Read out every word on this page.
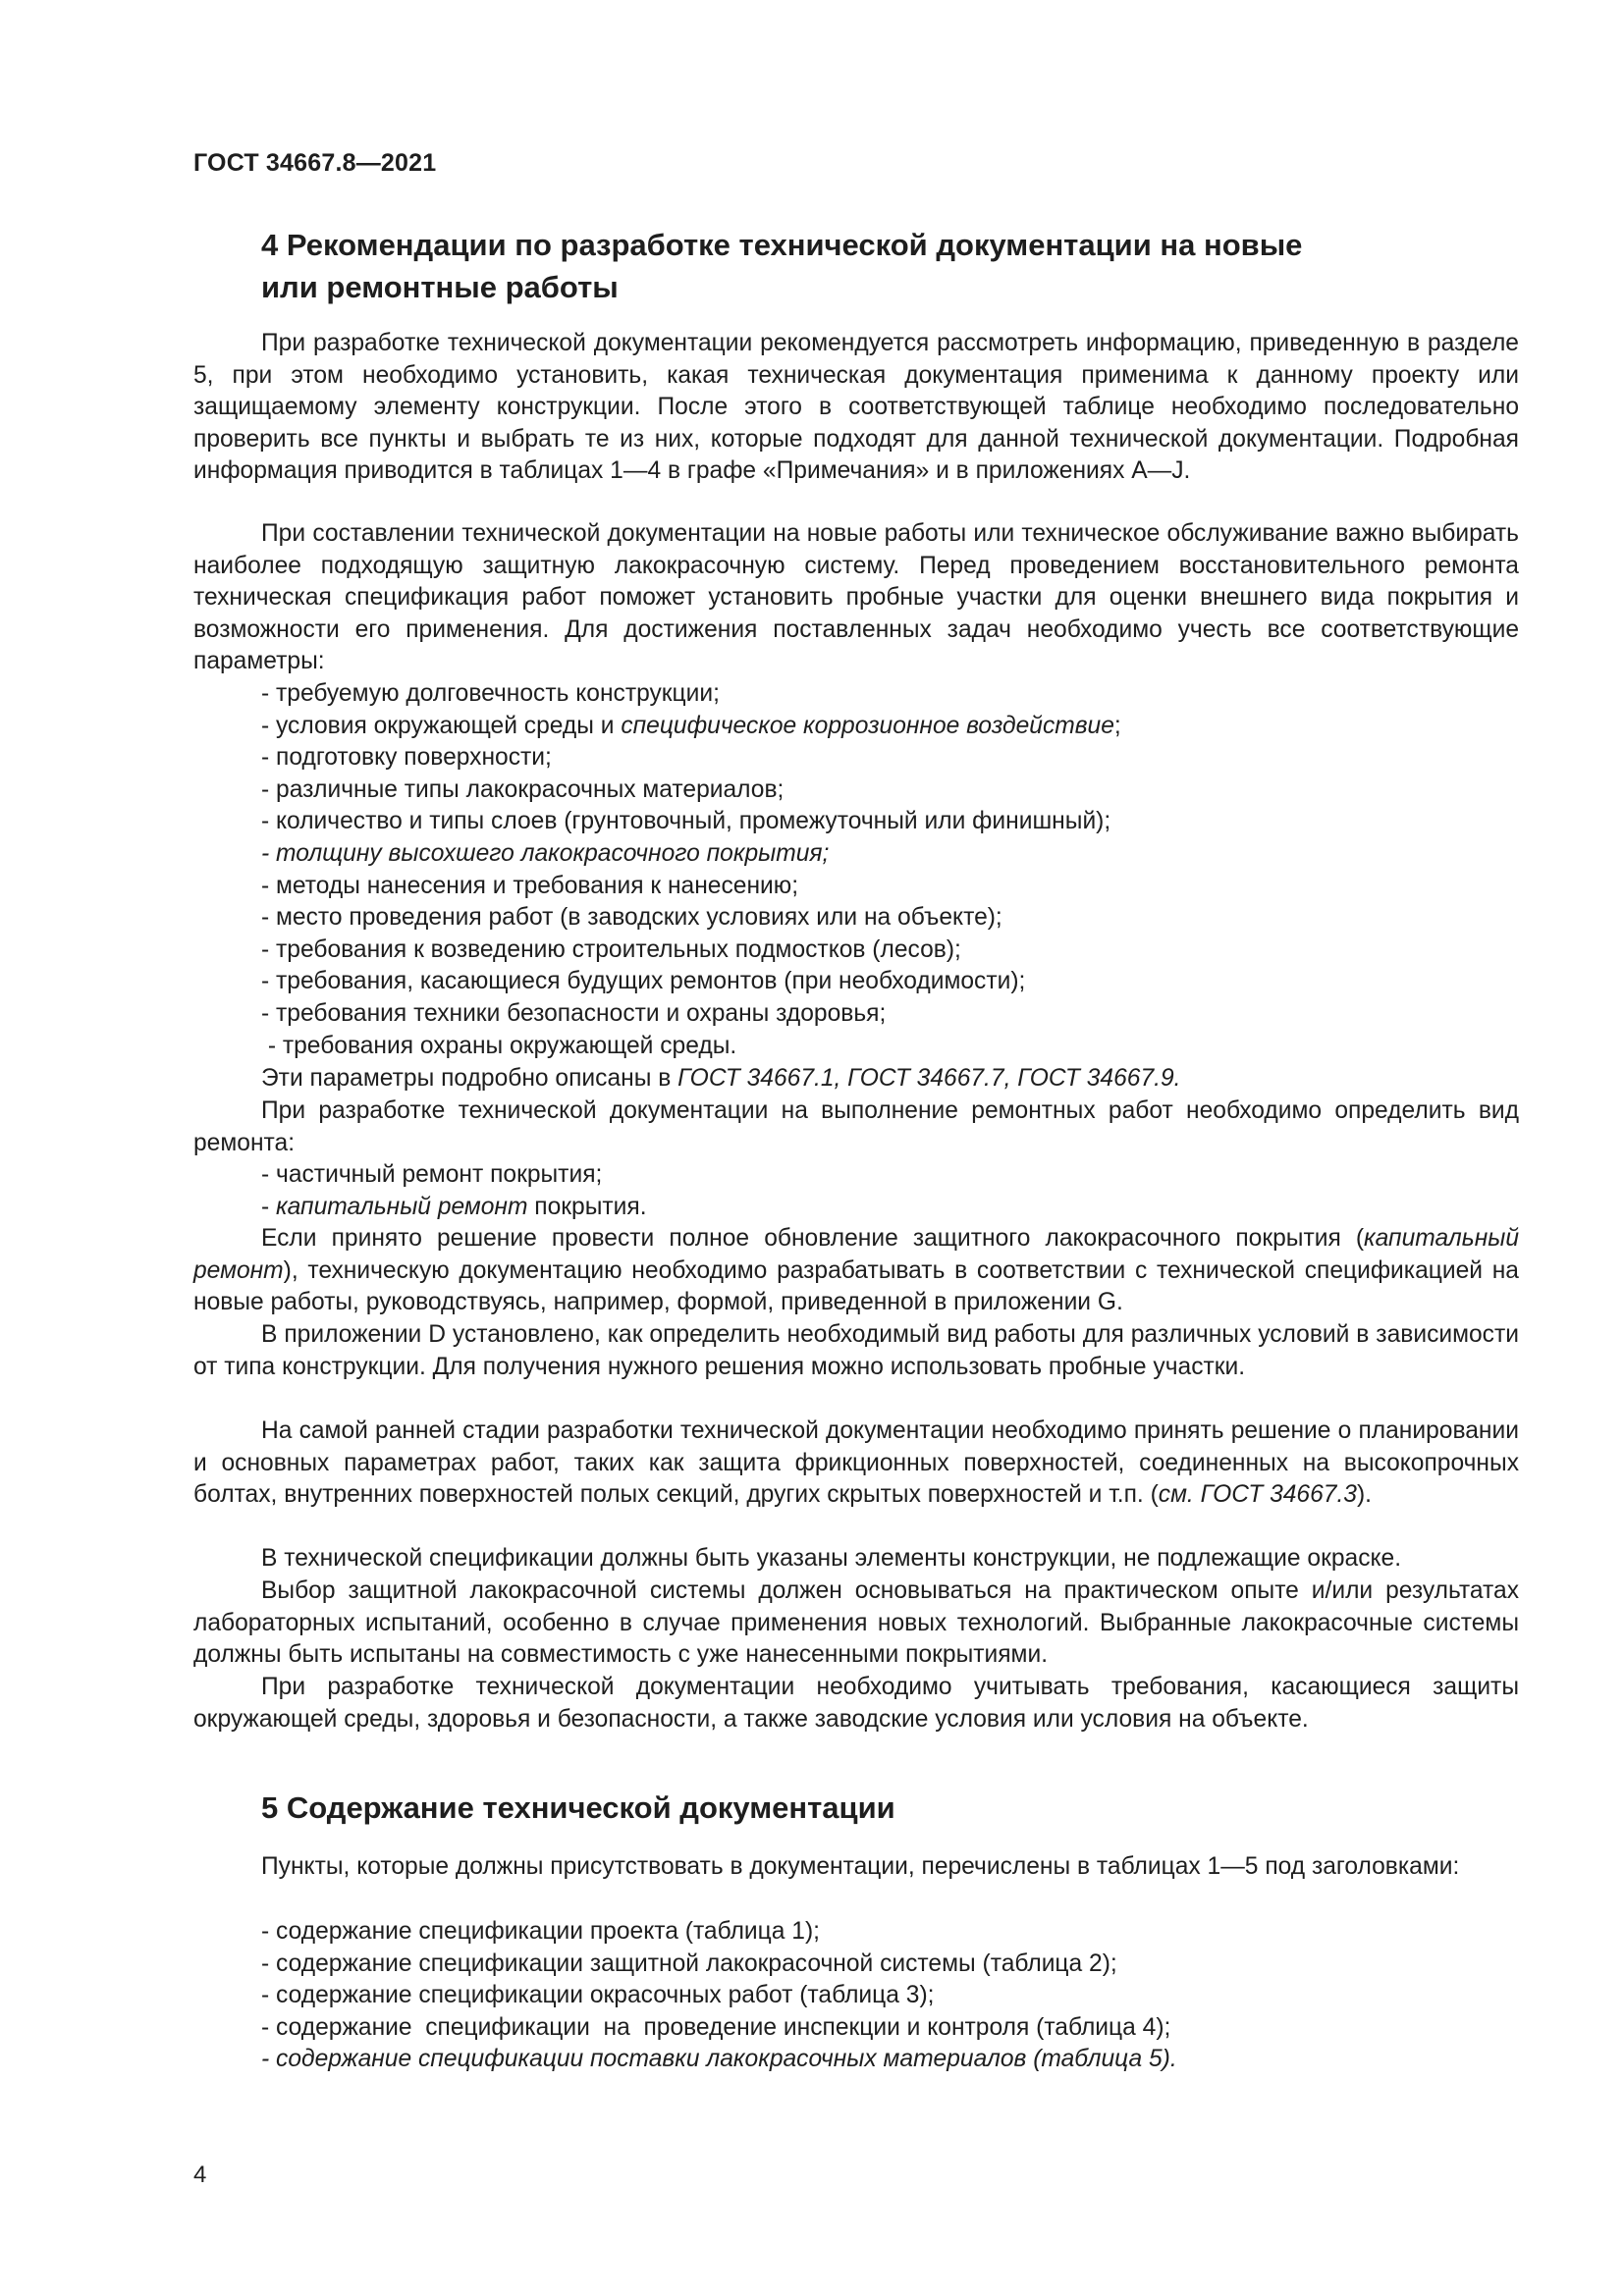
ГОСТ 34667.8—2021
4 Рекомендации по разработке технической документации на новые
или ремонтные работы

При разработке технической документации рекомендуется рассмотреть информацию, приведенную в разделе 5, при этом необходимо установить, какая техническая документация применима к данному проекту или защищаемому элементу конструкции. После этого в соответствующей таблице необходимо последовательно проверить все пункты и выбрать те из них, которые подходят для данной технической документации. Подробная информация приводится в таблицах 1—4 в графе «Примечания» и в приложениях A—J.

При составлении технической документации на новые работы или техническое обслуживание важно выбирать наиболее подходящую защитную лакокрасочную систему. Перед проведением восстановительного ремонта техническая спецификация работ поможет установить пробные участки для оценки внешнего вида покрытия и возможности его применения. Для достижения поставленных задач необходимо учесть все соответствующие параметры:

- требуемую долговечность конструкции;
- условия окружающей среды и специфическое коррозионное воздействие;
- подготовку поверхности;
- различные типы лакокрасочных материалов;
- количество и типы слоев (грунтовочный, промежуточный или финишный);
- толщину высохшего лакокрасочного покрытия;
- методы нанесения и требования к нанесению;
- место проведения работ (в заводских условиях или на объекте);
- требования к возведению строительных подмостков (лесов);
- требования, касающиеся будущих ремонтов (при необходимости);
- требования техники безопасности и охраны здоровья;
- требования охраны окружающей среды.

Эти параметры подробно описаны в ГОСТ 34667.1, ГОСТ 34667.7, ГОСТ 34667.9.

При разработке технической документации на выполнение ремонтных работ необходимо определить вид ремонта:

- частичный ремонт покрытия;
- капитальный ремонт покрытия.

Если принято решение провести полное обновление защитного лакокрасочного покрытия (капитальный ремонт), техническую документацию необходимо разрабатывать в соответствии с технической спецификацией на новые работы, руководствуясь, например, формой, приведенной в приложении G.

В приложении D установлено, как определить необходимый вид работы для различных условий в зависимости от типа конструкции. Для получения нужного решения можно использовать пробные участки.

На самой ранней стадии разработки технической документации необходимо принять решение о планировании и основных параметрах работ, таких как защита фрикционных поверхностей, соединенных на высокопрочных болтах, внутренних поверхностей полых секций, других скрытых поверхностей и т.п. (см. ГОСТ 34667.3).

В технической спецификации должны быть указаны элементы конструкции, не подлежащие окраске.

Выбор защитной лакокрасочной системы должен основываться на практическом опыте и/или результатах лабораторных испытаний, особенно в случае применения новых технологий. Выбранные лакокрасочные системы должны быть испытаны на совместимость с уже нанесенными покрытиями.

При разработке технической документации необходимо учитывать требования, касающиеся защиты окружающей среды, здоровья и безопасности, а также заводские условия или условия на объекте.

5 Содержание технической документации

Пункты, которые должны присутствовать в документации, перечислены в таблицах 1—5 под заголовками:

- содержание спецификации проекта (таблица 1);
- содержание спецификации защитной лакокрасочной системы (таблица 2);
- содержание спецификации окрасочных работ (таблица 3);
- содержание  спецификации  на  проведение инспекции и контроля (таблица 4);
- содержание спецификации поставки лакокрасочных материалов (таблица 5).
4
